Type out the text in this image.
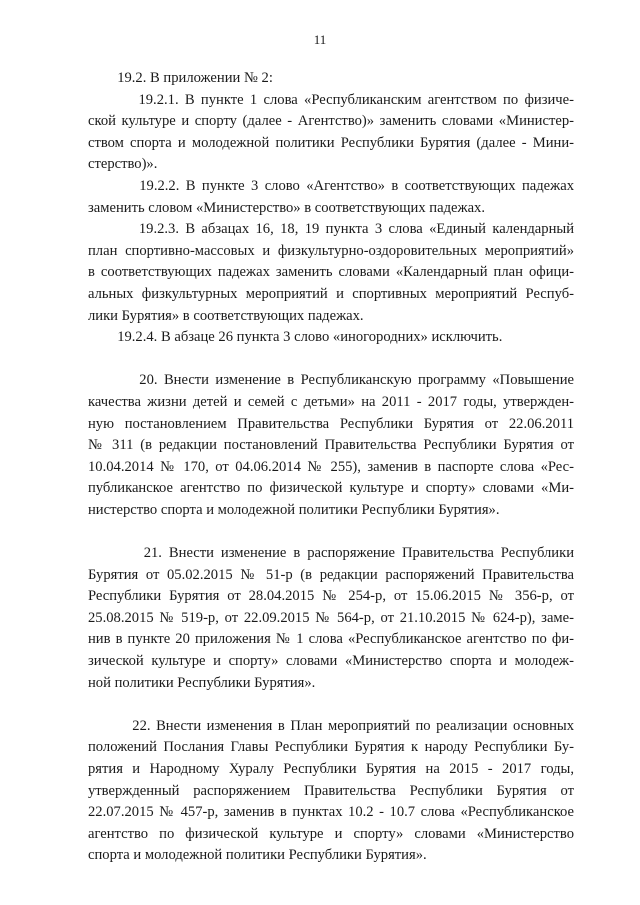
11
19.2. В приложении № 2:
19.2.1. В пункте 1 слова «Республиканским агентством по физиче-
ской культуре и спорту (далее - Агентство)» заменить словами «Министер-
ством спорта и молодежной политики Республики Бурятия (далее - Мини-
стерство)».
19.2.2. В пункте 3 слово «Агентство» в соответствующих падежах
заменить словом «Министерство» в соответствующих падежах.
19.2.3. В абзацах 16, 18, 19 пункта 3 слова «Единый календарный
план спортивно-массовых и физкультурно-оздоровительных мероприятий»
в соответствующих падежах заменить словами «Календарный план офици-
альных физкультурных мероприятий и спортивных мероприятий Респуб-
лики Бурятия» в соответствующих падежах.
19.2.4. В абзаце 26 пункта 3 слово «иногородних» исключить.
20. Внести изменение в Республиканскую программу «Повышение
качества жизни детей и семей с детьми» на 2011 - 2017 годы, утвержден-
ную постановлением Правительства Республики Бурятия от 22.06.2011
№ 311 (в редакции постановлений Правительства Республики Бурятия от
10.04.2014 № 170, от 04.06.2014 № 255), заменив в паспорте слова «Рес-
публиканское агентство по физической культуре и спорту» словами «Ми-
нистерство спорта и молодежной политики Республики Бурятия».
21. Внести изменение в распоряжение Правительства Республики
Бурятия от 05.02.2015 № 51-р (в редакции распоряжений Правительства
Республики Бурятия от 28.04.2015 № 254-р, от 15.06.2015 № 356-р, от
25.08.2015 № 519-р, от 22.09.2015 № 564-р, от 21.10.2015 № 624-р), заме-
нив в пункте 20 приложения № 1 слова «Республиканское агентство по фи-
зической культуре и спорту» словами «Министерство спорта и молодеж-
ной политики Республики Бурятия».
22. Внести изменения в План мероприятий по реализации основных
положений Послания Главы Республики Бурятия к народу Республики Бу-
рятия и Народному Хуралу Республики Бурятия на 2015 - 2017 годы,
утвержденный распоряжением Правительства Республики Бурятия от
22.07.2015 № 457-р, заменив в пунктах 10.2 - 10.7 слова «Республиканское
агентство по физической культуре и спорту» словами «Министерство
спорта и молодежной политики Республики Бурятия».
